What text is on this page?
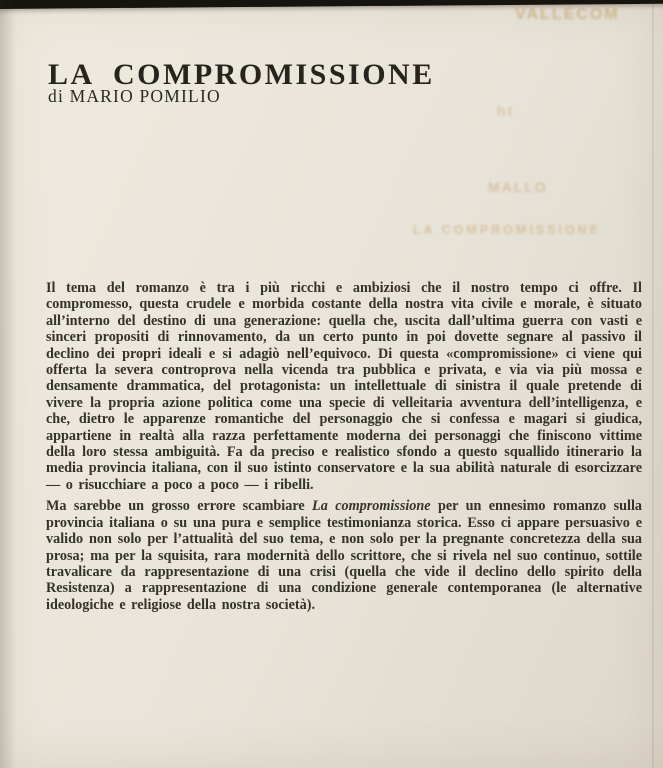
VALLECOM
ht
MALLO
LA COMPROMISSIONE
LA COMPROMISSIONE
di MARIO POMILIO

Il tema del romanzo è tra i più ricchi e ambiziosi che il nostro tempo ci offre. Il compromesso, questa crudele e morbida costante della nostra vita civile e morale, è situato all’interno del destino di una generazione: quella che, uscita dall’ultima guerra con vasti e sinceri propositi di rinnovamento, da un certo punto in poi dovette segnare al passivo il declino dei propri ideali e si adagiò nell’equivoco. Di questa «compromissione» ci viene qui offerta la severa controprova nella vicenda tra pubblica e privata, e via via più mossa e densamente drammatica, del protagonista: un intellettuale di sinistra il quale pretende di vivere la propria azione politica come una specie di velleitaria avventura dell’intelligenza, e che, dietro le apparenze romantiche del personaggio che si confessa e magari si giudica, appartiene in realtà alla razza perfettamente moderna dei personaggi che finiscono vittime della loro stessa ambiguità. Fa da preciso e realistico sfondo a questo squallido itinerario la media provincia italiana, con il suo istinto conservatore e la sua abilità naturale di esorcizzare — o risucchiare a poco a poco — i ribelli.

Ma sarebbe un grosso errore scambiare La compromissione per un ennesimo romanzo sulla provincia italiana o su una pura e semplice testimonianza storica. Esso ci appare persuasivo e valido non solo per l’attualità del suo tema, e non solo per la pregnante concretezza della sua prosa; ma per la squisita, rara modernità dello scrittore, che si rivela nel suo continuo, sottile travalicare da rappresentazione di una crisi (quella che vide il declino dello spirito della Resistenza) a rappresentazione di una condizione generale contemporanea (le alternative ideologiche e religiose della nostra società).
